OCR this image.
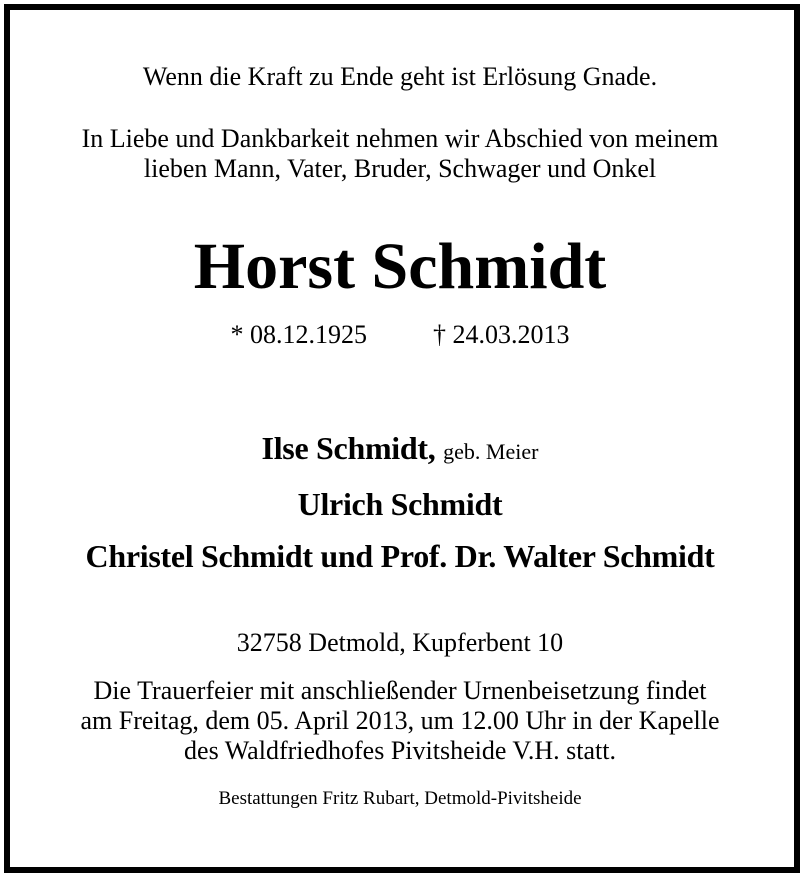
Wenn die Kraft zu Ende geht ist Erlösung Gnade.
In Liebe und Dankbarkeit nehmen wir Abschied von meinem
lieben Mann, Vater, Bruder, Schwager und Onkel
Horst Schmidt
* 08.12.1925	† 24.03.2013
Ilse Schmidt, geb. Meier
Ulrich Schmidt
Christel Schmidt und Prof. Dr. Walter Schmidt
32758 Detmold, Kupferbent 10
Die Trauerfeier mit anschließender Urnenbeisetzung findet
am Freitag, dem 05. April 2013, um 12.00 Uhr in der Kapelle
des Waldfriedhofes Pivitsheide V.H. statt.
Bestattungen Fritz Rubart, Detmold-Pivitsheide
